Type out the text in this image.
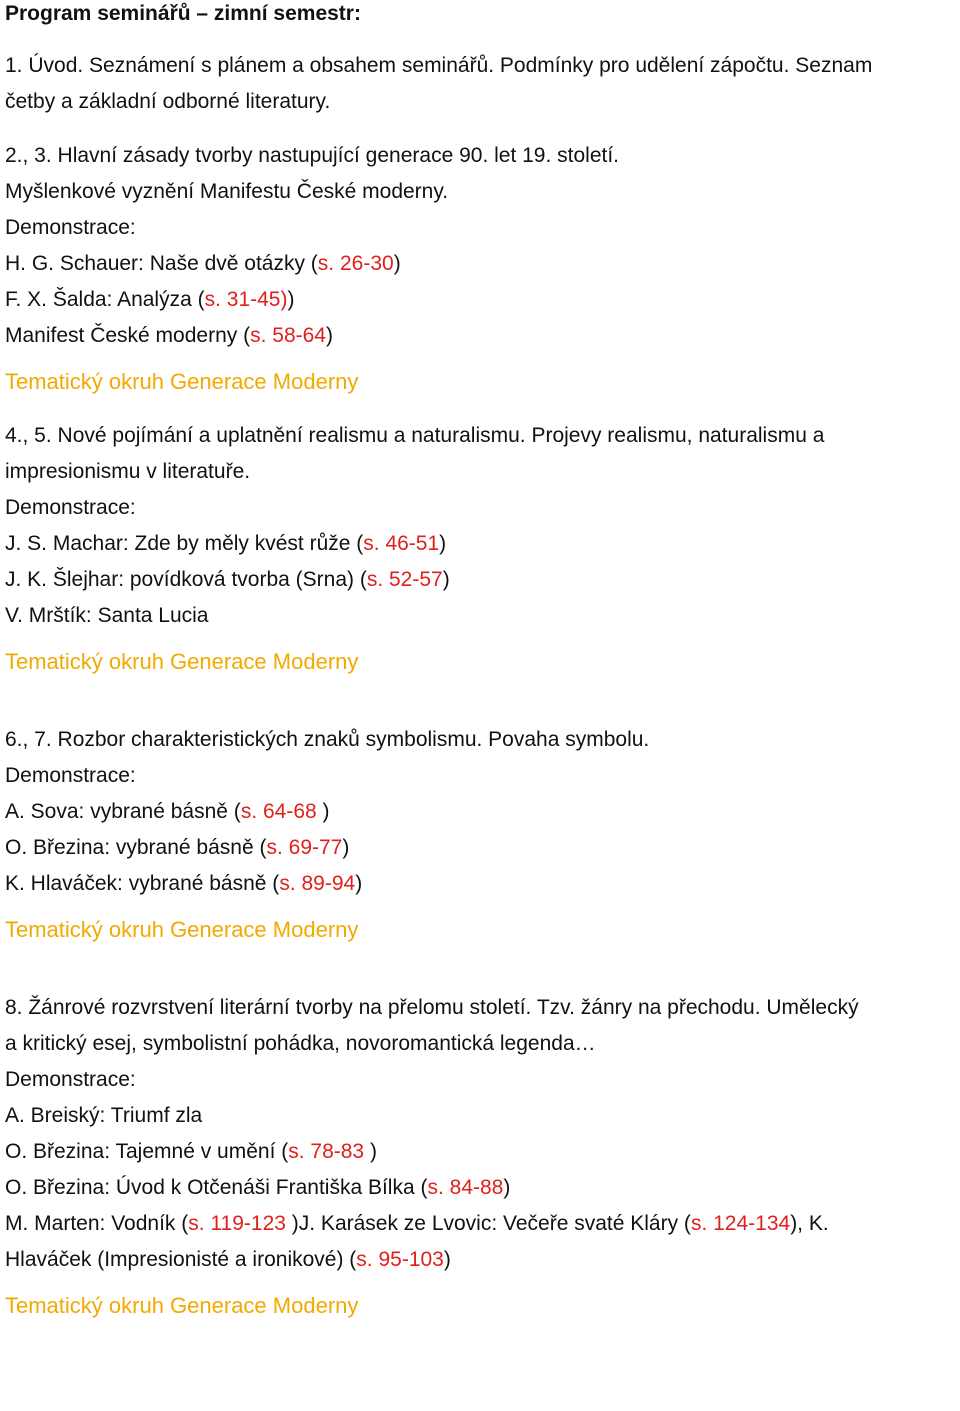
Program seminářů – zimní semestr:
1. Úvod. Seznámení s plánem a obsahem seminářů. Podmínky pro udělení zápočtu. Seznam
četby a základní odborné literatury.
2., 3. Hlavní zásady tvorby nastupující generace 90. let 19. století.
Myšlenkové vyznění Manifestu České moderny.
Demonstrace:
H. G. Schauer: Naše dvě otázky (s. 26-30)
F. X. Šalda: Analýza (s. 31-45))
Manifest České moderny (s. 58-64)
Tematický okruh Generace Moderny
4., 5. Nové pojímání a uplatnění realismu a naturalismu. Projevy realismu, naturalismu a
impresionismu v literatuře.
Demonstrace:
J. S. Machar: Zde by měly kvést růže (s. 46-51)
J. K. Šlejhar: povídková tvorba (Srna) (s. 52-57)
V. Mrštík: Santa Lucia
Tematický okruh Generace Moderny
6., 7. Rozbor charakteristických znaků symbolismu. Povaha symbolu.
Demonstrace:
A. Sova: vybrané básně (s. 64-68 )
O. Březina: vybrané básně (s. 69-77)
K. Hlaváček: vybrané básně (s. 89-94)
Tematický okruh Generace Moderny
8. Žánrové rozvrstvení literární tvorby na přelomu století. Tzv. žánry na přechodu. Umělecký
a kritický esej, symbolistní pohádka, novoromantická legenda…
Demonstrace:
A. Breiský: Triumf zla
O. Březina: Tajemné v umění (s. 78-83 )
O. Březina: Úvod k Otčenáši Františka Bílka (s. 84-88)
M. Marten: Vodník (s. 119-123 )J. Karásek ze Lvovic: Večeře svaté Kláry (s. 124-134), K.
Hlaváček (Impresionisté a ironikové) (s. 95-103)
Tematický okruh Generace Moderny
